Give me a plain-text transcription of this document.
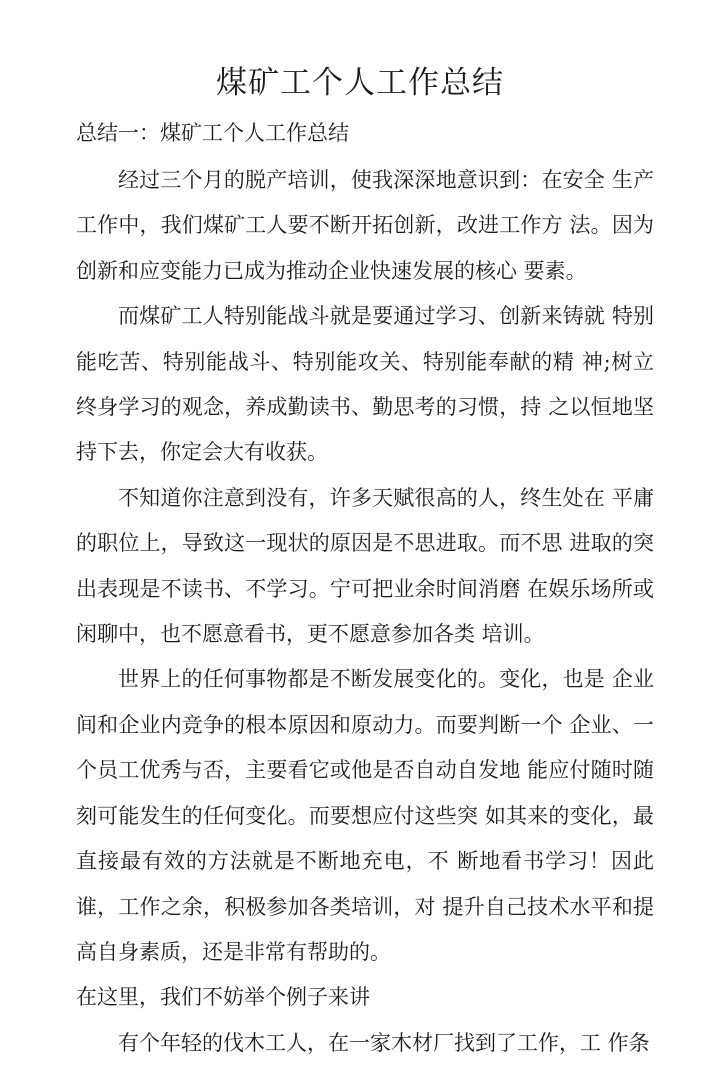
煤矿工个人工作总结
总结一：煤矿工个人工作总结

经过三个月的脱产培训，使我深深地意识到：在安全 生产工作中，我们煤矿工人要不断开拓创新，改进工作方 法。因为创新和应变能力已成为推动企业快速发展的核心 要素。

而煤矿工人特别能战斗就是要通过学习、创新来铸就 特别能吃苦、特别能战斗、特别能攻关、特别能奉献的精 神;树立终身学习的观念，养成勤读书、勤思考的习惯，持 之以恒地坚持下去，你定会大有收获。

不知道你注意到没有，许多天赋很高的人，终生处在 平庸的职位上，导致这一现状的原因是不思进取。而不思 进取的突出表现是不读书、不学习。宁可把业余时间消磨 在娱乐场所或闲聊中，也不愿意看书，更不愿意参加各类 培训。

世界上的任何事物都是不断发展变化的。变化，也是 企业间和企业内竞争的根本原因和原动力。而要判断一个 企业、一个员工优秀与否，主要看它或他是否自动自发地 能应付随时随刻可能发生的任何变化。而要想应付这些突 如其来的变化，最直接最有效的方法就是不断地充电，不 断地看书学习！因此谁，工作之余，积极参加各类培训，对 提升自己技术水平和提高自身素质，还是非常有帮助的。

在这里，我们不妨举个例子来讲

有个年轻的伐木工人，在一家木材厂找到了工作，工 作条
